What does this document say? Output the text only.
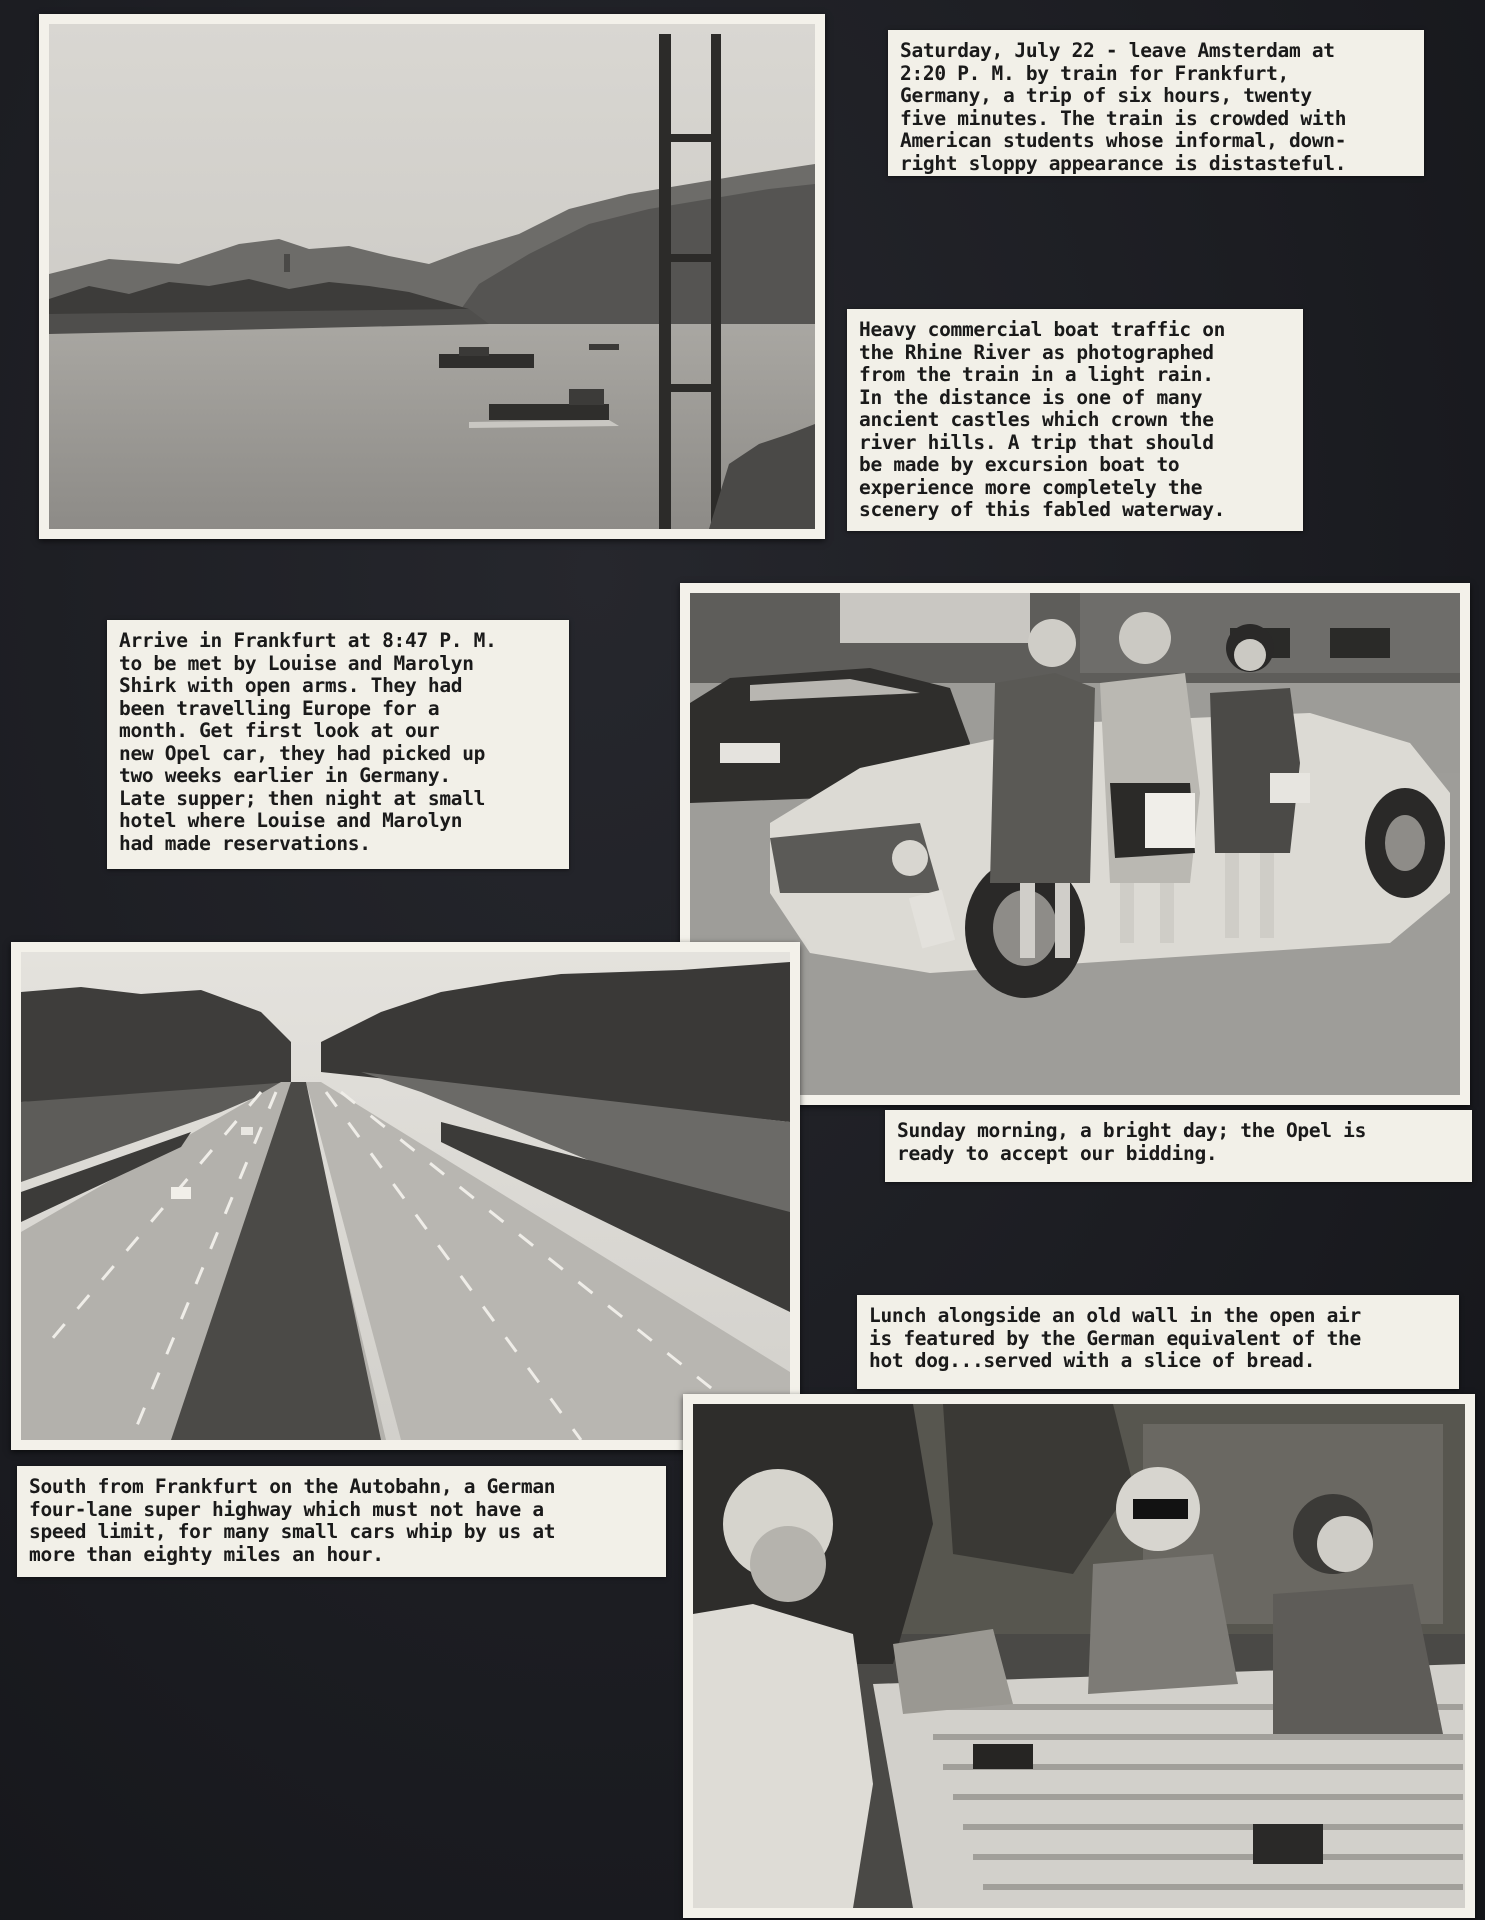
Saturday, July 22 - leave Amsterdam at
2:20 P. M. by train for Frankfurt,
Germany, a trip of six hours, twenty
five minutes. The train is crowded with
American students whose informal, down-
right sloppy appearance is distasteful.
Heavy commercial boat traffic on
the Rhine River as photographed
from the train in a light rain.
In the distance is one of many
ancient castles which crown the
river hills. A trip that should
be made by excursion boat to
experience more completely the
scenery of this fabled waterway.
Arrive in Frankfurt at 8:47 P. M.
to be met by Louise and Marolyn
Shirk with open arms. They had
been travelling Europe for a
month. Get first look at our
new Opel car, they had picked up
two weeks earlier in Germany.
Late supper; then night at small
hotel where Louise and Marolyn
had made reservations.
Sunday morning, a bright day; the Opel is
ready to accept our bidding.
Lunch alongside an old wall in the open air
is featured by the German equivalent of the
hot dog...served with a slice of bread.
South from Frankfurt on the Autobahn, a German
four-lane super highway which must not have a
speed limit, for many small cars whip by us at
more than eighty miles an hour.
